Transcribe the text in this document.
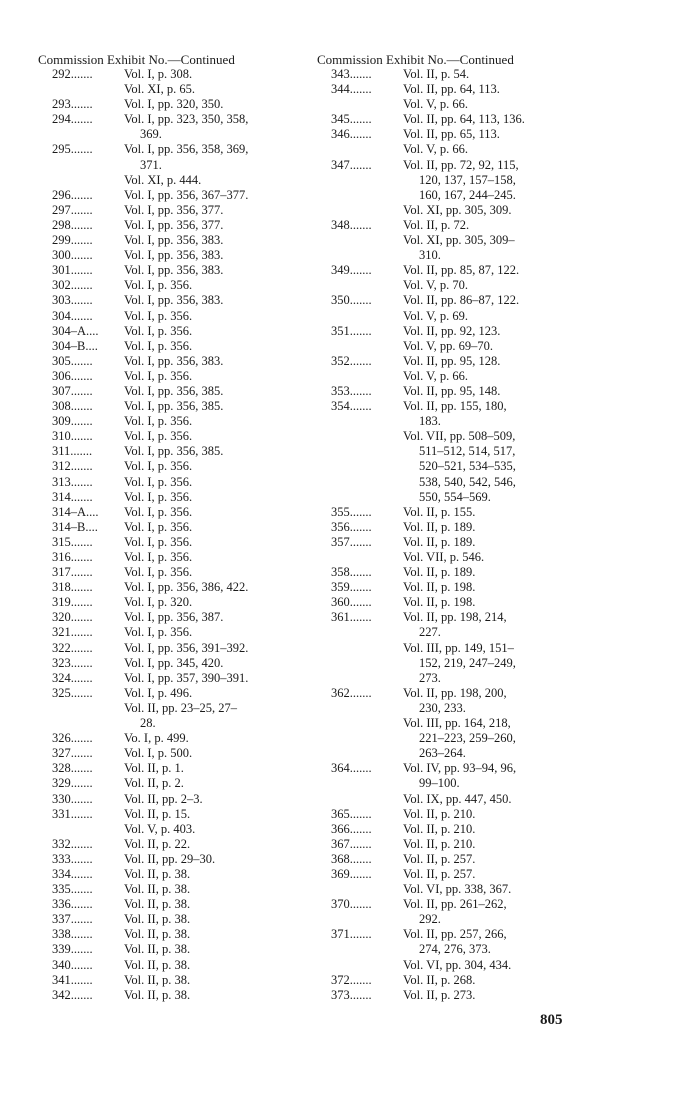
Commission Exhibit No.—Continued
292.......	Vol. I, p. 308.
Vol. XI, p. 65.
293.......	Vol. I, pp. 320, 350.
294.......	Vol. I, pp. 323, 350, 358,
369.
295.......	Vol. I, pp. 356, 358, 369,
371.
Vol. XI, p. 444.
296.......	Vol. I, pp. 356, 367–377.
297.......	Vol. I, pp. 356, 377.
298.......	Vol. I, pp. 356, 377.
299.......	Vol. I, pp. 356, 383.
300.......	Vol. I, pp. 356, 383.
301.......	Vol. I, pp. 356, 383.
302.......	Vol. I, p. 356.
303.......	Vol. I, pp. 356, 383.
304.......	Vol. I, p. 356.
304–A....	Vol. I, p. 356.
304–B....	Vol. I, p. 356.
305.......	Vol. I, pp. 356, 383.
306.......	Vol. I, p. 356.
307.......	Vol. I, pp. 356, 385.
308.......	Vol. I, pp. 356, 385.
309.......	Vol. I, p. 356.
310.......	Vol. I, p. 356.
311.......	Vol. I, pp. 356, 385.
312.......	Vol. I, p. 356.
313.......	Vol. I, p. 356.
314.......	Vol. I, p. 356.
314–A....	Vol. I, p. 356.
314–B....	Vol. I, p. 356.
315.......	Vol. I, p. 356.
316.......	Vol. I, p. 356.
317.......	Vol. I, p. 356.
318.......	Vol. I, pp. 356, 386, 422.
319.......	Vol. I, p. 320.
320.......	Vol. I, pp. 356, 387.
321.......	Vol. I, p. 356.
322.......	Vol. I, pp. 356, 391–392.
323.......	Vol. I, pp. 345, 420.
324.......	Vol. I, pp. 357, 390–391.
325.......	Vol. I, p. 496.
Vol. II, pp. 23–25, 27–
28.
326.......	Vo. I, p. 499.
327.......	Vol. I, p. 500.
328.......	Vol. II, p. 1.
329.......	Vol. II, p. 2.
330.......	Vol. II, pp. 2–3.
331.......	Vol. II, p. 15.
Vol. V, p. 403.
332.......	Vol. II, p. 22.
333.......	Vol. II, pp. 29–30.
334.......	Vol. II, p. 38.
335.......	Vol. II, p. 38.
336.......	Vol. II, p. 38.
337.......	Vol. II, p. 38.
338.......	Vol. II, p. 38.
339.......	Vol. II, p. 38.
340.......	Vol. II, p. 38.
341.......	Vol. II, p. 38.
342.......	Vol. II, p. 38.
Commission Exhibit No.—Continued
343.......	Vol. II, p. 54.
344.......	Vol. II, pp. 64, 113.
Vol. V, p. 66.
345.......	Vol. II, pp. 64, 113, 136.
346.......	Vol. II, pp. 65, 113.
Vol. V, p. 66.
347.......	Vol. II, pp. 72, 92, 115,
120, 137, 157–158,
160, 167, 244–245.
Vol. XI, pp. 305, 309.
348.......	Vol. II, p. 72.
Vol. XI, pp. 305, 309–
310.
349.......	Vol. II, pp. 85, 87, 122.
Vol. V, p. 70.
350.......	Vol. II, pp. 86–87, 122.
Vol. V, p. 69.
351.......	Vol. II, pp. 92, 123.
Vol. V, pp. 69–70.
352.......	Vol. II, pp. 95, 128.
Vol. V, p. 66.
353.......	Vol. II, pp. 95, 148.
354.......	Vol. II, pp. 155, 180,
183.
Vol. VII, pp. 508–509,
511–512, 514, 517,
520–521, 534–535,
538, 540, 542, 546,
550, 554–569.
355.......	Vol. II, p. 155.
356.......	Vol. II, p. 189.
357.......	Vol. II, p. 189.
Vol. VII, p. 546.
358.......	Vol. II, p. 189.
359.......	Vol. II, p. 198.
360.......	Vol. II, p. 198.
361.......	Vol. II, pp. 198, 214,
227.
Vol. III, pp. 149, 151–
152, 219, 247–249,
273.
362.......	Vol. II, pp. 198, 200,
230, 233.
Vol. III, pp. 164, 218,
221–223, 259–260,
263–264.
364.......	Vol. IV, pp. 93–94, 96,
99–100.
Vol. IX, pp. 447, 450.
365.......	Vol. II, p. 210.
366.......	Vol. II, p. 210.
367.......	Vol. II, p. 210.
368.......	Vol. II, p. 257.
369.......	Vol. II, p. 257.
Vol. VI, pp. 338, 367.
370.......	Vol. II, pp. 261–262,
292.
371.......	Vol. II, pp. 257, 266,
274, 276, 373.
Vol. VI, pp. 304, 434.
372.......	Vol. II, p. 268.
373.......	Vol. II, p. 273.
805
